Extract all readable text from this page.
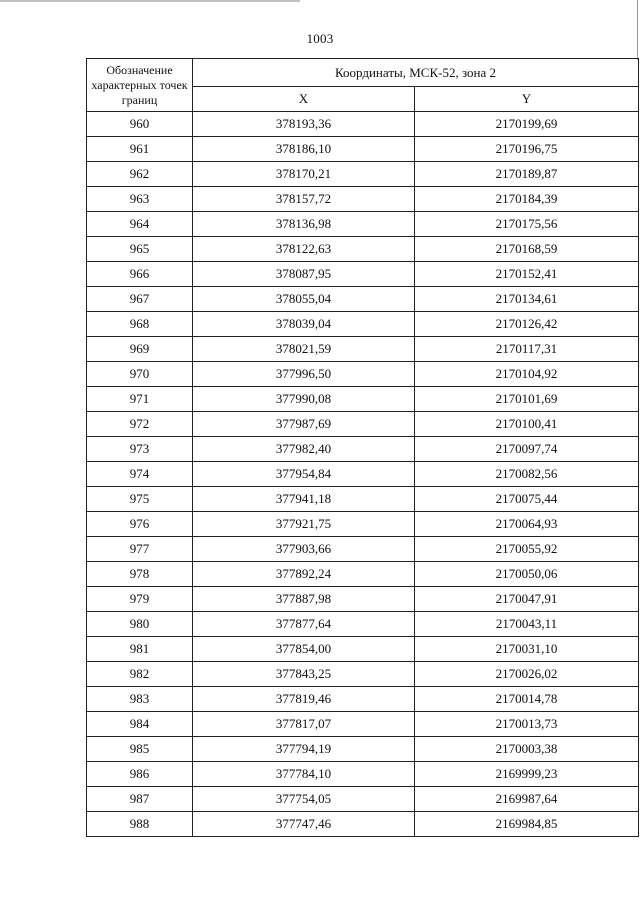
1003
Обозначение характерных точек границ	Координаты, МСК-52, зона 2	
	X	Y
960	378193,36	2170199,69
961	378186,10	2170196,75
962	378170,21	2170189,87
963	378157,72	2170184,39
964	378136,98	2170175,56
965	378122,63	2170168,59
966	378087,95	2170152,41
967	378055,04	2170134,61
968	378039,04	2170126,42
969	378021,59	2170117,31
970	377996,50	2170104,92
971	377990,08	2170101,69
972	377987,69	2170100,41
973	377982,40	2170097,74
974	377954,84	2170082,56
975	377941,18	2170075,44
976	377921,75	2170064,93
977	377903,66	2170055,92
978	377892,24	2170050,06
979	377887,98	2170047,91
980	377877,64	2170043,11
981	377854,00	2170031,10
982	377843,25	2170026,02
983	377819,46	2170014,78
984	377817,07	2170013,73
985	377794,19	2170003,38
986	377784,10	2169999,23
987	377754,05	2169987,64
988	377747,46	2169984,85
